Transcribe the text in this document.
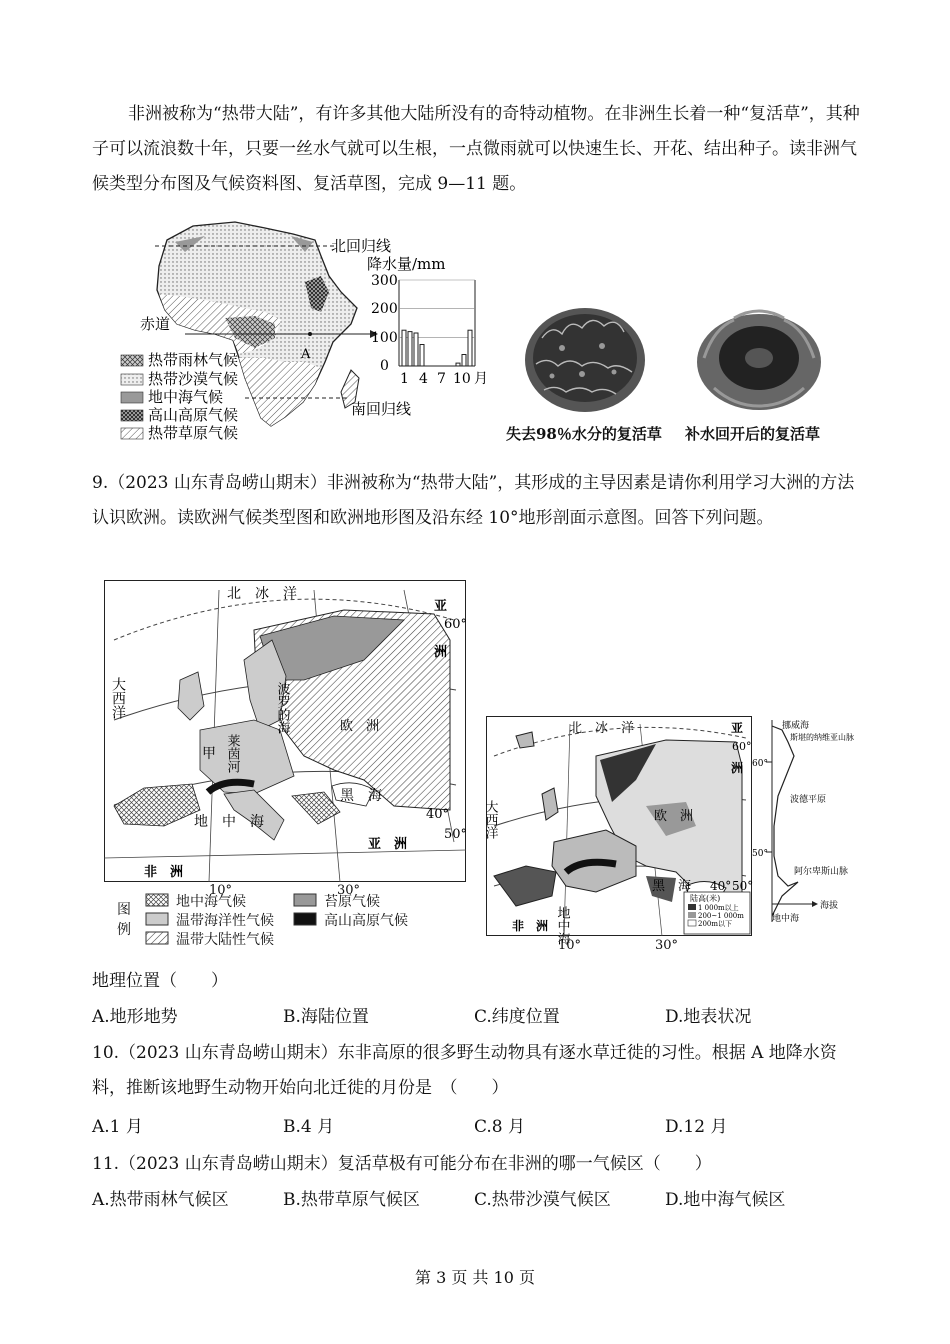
非洲被称为“热带大陆”，有许多其他大陆所没有的奇特动植物。在非洲生长着一种“复活草”，其种子可以流浪数十年，只要一丝水气就可以生根，一点微雨就可以快速生长、开花、结出种子。读非洲气候类型分布图及气候资料图、复活草图，完成 9—11 题。
A
北回归线
赤道
南回归线
热带雨林气候
热带沙漠气候
地中海气候
高山高原气候
热带草原气候
降水量/mm
300
200
100
0
1 4 7 10 月
失去98％水分的复活草 补水回开后的复活草
9.（2023 山东青岛崂山期末）非洲被称为“热带大陆”，其形成的主导因素是请你利用学习大洲的方法认识欧洲。读欧洲气候类型图和欧洲地形图及沿东经 10°地形剖面示意图。回答下列问题。
北　冰　洋
亚
洲
大西洋	波罗的海
莱茵河
欧　洲
黑　海
地　中　海
非　洲
亚　洲
甲
60°
50°
40°
10°	30°
图例
地中海气候	苔原气候
温带海洋性气候	高山高原气候
温带大陆性气候
北　冰　洋	亚
洲
大西洋	欧　洲
黑　海
地中海
非　洲
60°
40° 50°
陆高(米)
1 000m以上
200~1 000m
200m以下
10°	30°
挪威海
斯堪的纳维亚山脉
60°
波德平原
50°
阿尔卑斯山脉
海拔
地中海
地理位置（　　）
A.地形地势	B.海陆位置	C.纬度位置	D.地表状况
10.（2023 山东青岛崂山期末）东非高原的很多野生动物具有逐水草迁徙的习性。根据 A 地降水资料，推断该地野生动物开始向北迁徙的月份是　（　　）
A.1 月	B.4 月	C.8 月	D.12 月
11.（2023 山东青岛崂山期末）复活草极有可能分布在非洲的哪一气候区（　　）
A.热带雨林气候区	B.热带草原气候区	C.热带沙漠气候区	D.地中海气候区
第 3 页 共 10 页
